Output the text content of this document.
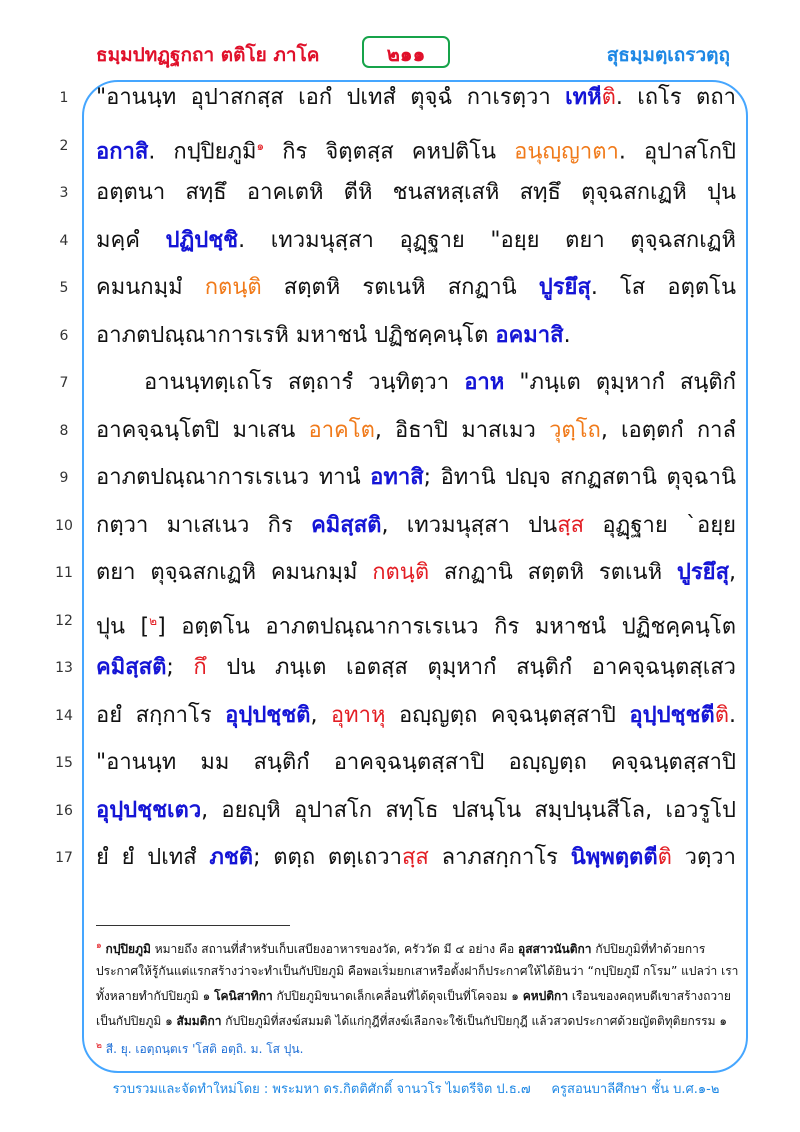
ธมฺมปทฏฺฐกถา ตติโย ภาโค	๒๑๑	สุธมฺมตฺเถรวตฺถุ
1	"อานนฺท อุปาสกสฺส เอกํ ปเทสํ ตุจฺฉํ กาเรตฺวา เทหีติ. เถโร ตถา
2	อกาสิ. กปฺปิยภูมิ$^๑$ กิร จิตฺตสฺส คหปติโน อนุญฺญาตา. อุปาสโกปิ
3	อตฺตนา สทฺธึ อาคเตหิ ตีหิ ชนสหสฺเสหิ สทฺธึ ตุจฺฉสกเฏหิ ปุน
4	มคฺคํ ปฏิปชฺชิ. เทวมนุสฺสา อุฏฺฐาย "อยฺย ตยา ตุจฺฉสกเฏหิ
5	คมนกมฺมํ กตนฺติ สตฺตหิ รตเนหิ สกฏานิ ปูรยึสุ. โส อตฺตโน
6	อาภตปณฺณาการเรหิ มหาชนํ ปฏิชคฺคนฺโต อคมาสิ.
7	อานนฺทตฺเถโร สตฺถารํ วนฺทิตฺวา อาห "ภนฺเต ตุมฺหากํ สนฺติกํ
8	อาคจฺฉนฺโตปิ มาเสน อาคโต, อิธาปิ มาสเมว วุตฺโถ, เอตฺตกํ กาลํ
9	อาภตปณฺณาการเรเนว ทานํ อทาสิ; อิทานิ ปญฺจ สกฏสตานิ ตุจฺฉานิ
10	กตฺวา มาเสเนว กิร คมิสฺสติ, เทวมนุสฺสา ปนสฺส อุฏฺฐาย `อยฺย
11	ตยา ตุจฺฉสกเฏหิ คมนกมฺมํ กตนฺติ สกฏานิ สตฺตหิ รตเนหิ ปูรยึสุ,
12	ปุน [$^๒$] อตฺตโน อาภตปณฺณาการเรเนว กิร มหาชนํ ปฏิชคฺคนฺโต
13	คมิสฺสติ; กึ ปน ภนฺเต เอตสฺส ตุมฺหากํ สนฺติกํ อาคจฺฉนฺตสฺเสว
14	อยํ สกฺกาโร อุปฺปชฺชติ, อุทาหุ อญฺญตฺถ คจฺฉนฺตสฺสาปิ อุปฺปชฺชตีติ.
15	"อานนฺท มม สนฺติกํ อาคจฺฉนฺตสฺสาปิ อญฺญตฺถ คจฺฉนฺตสฺสาปิ
16	อุปฺปชฺชเตว, อยญฺหิ อุปาสโก สทฺโธ ปสนฺโน สมฺปนฺนสีโล, เอวรูโป
17	ยํ ยํ ปเทสํ ภชติ; ตตฺถ ตตฺเถวาสฺส ลาภสกฺกาโร นิพฺพตฺตตีติ วตฺวา
$^๑$ กปฺปิยภูมิ หมายถึง สถานที่สำหรับเก็บเสบียงอาหารของวัด, ครัววัด มี ๔ อย่าง คือ อุสสาวนันติกา กัปปิยภูมิที่ทำด้วยการ
ประกาศให้รู้กันแต่แรกสร้างว่าจะทำเป็นกัปปิยภูมิ คือพอเริ่มยกเสาหรือตั้งฝาก็ประกาศให้ได้ยินว่า “กปฺปิยภูมึ กโรม” แปลว่า เรา
ทั้งหลายทำกัปปิยภูมิ ๑ โคนิสาทิกา กัปปิยภูมิขนาดเล็กเคลื่อนที่ได้ดุจเป็นที่โคจอม ๑ คหปติกา เรือนของคฤหบดีเขาสร้างถวาย
เป็นกัปปิยภูมิ ๑ สัมมติกา กัปปิยภูมิที่สงฆ์สมมติ ได้แก่กุฎีที่สงฆ์เลือกจะใช้เป็นกัปปิยกุฎี แล้วสวดประกาศด้วยญัตติทุติยกรรม ๑
$^๒$ สี. ยุ. เอตฺถนฺตเร 'โสติ อตฺถิ. ม. โส ปุน.
รวบรวมและจัดทำใหม่โดย : พระมหา ดร.กิตติศักดิ์ จานวโร ไมตรีจิต ป.ธ.๗ ครูสอนบาลีศึกษา ชั้น บ.ศ.๑-๒
